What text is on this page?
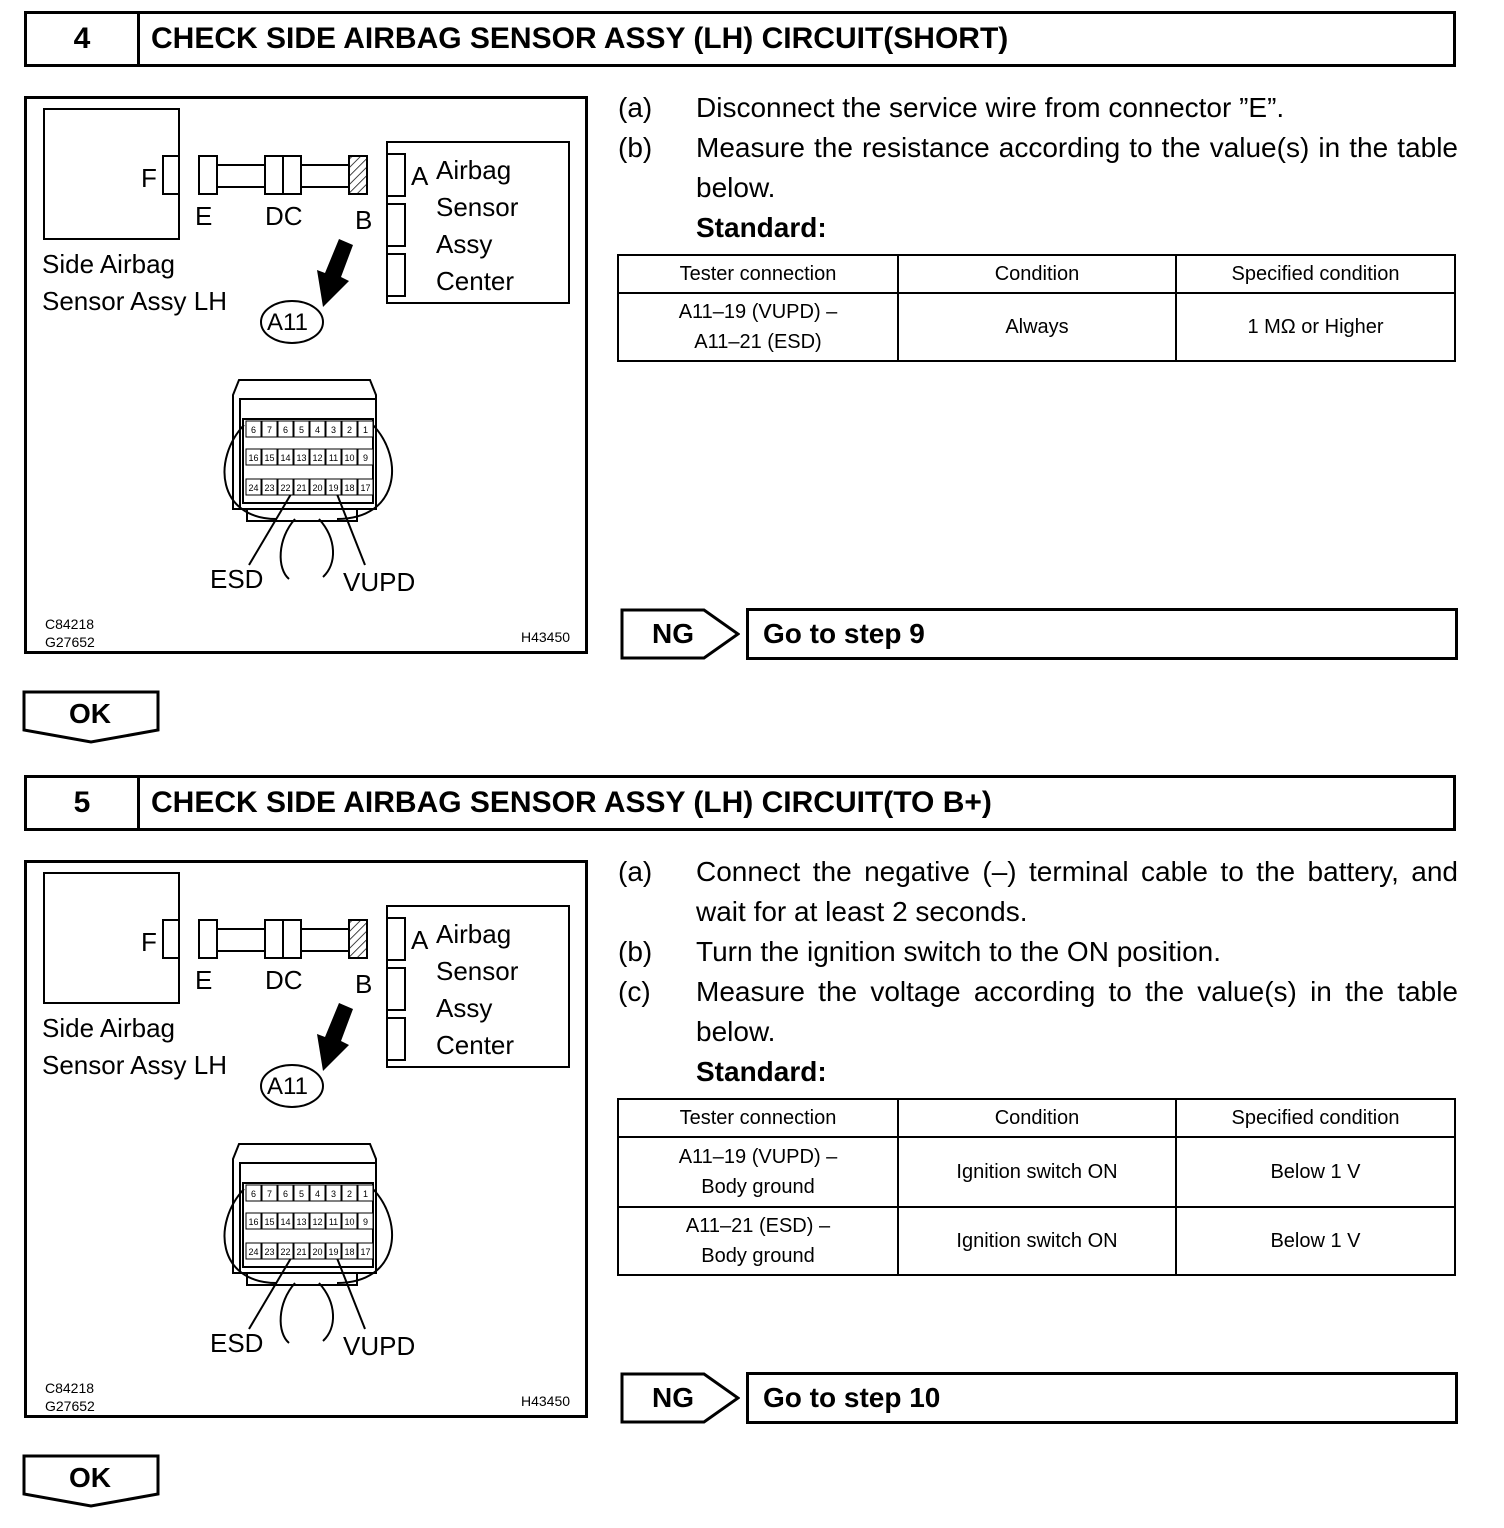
4	CHECK SIDE AIRBAG SENSOR ASSY (LH) CIRCUIT(SHORT)
6 7 6 5 4 3 2 1
16 15 14 13 12 11 10 9
24 23 22 21 20 19 18 17
F
E DC B
A Airbag
Sensor
Assy
Center
Side Airbag
Sensor Assy LH
A11
ESD	VUPD
C84218
G27652	H43450
(a) Disconnect the service wire from connector ”E”.
(b) Measure the resistance according to the value(s) in the table below.
Standard:
Tester connection	Condition	Specified condition
A11–19 (VUPD) –
A11–21 (ESD)	Always	1 MΩ or Higher
NG	Go to step 9
OK
5	CHECK SIDE AIRBAG SENSOR ASSY (LH) CIRCUIT(TO B+)
6 7 6 5 4 3 2 1
16 15 14 13 12 11 10 9
24 23 22 21 20 19 18 17
F
E DC B
A Airbag
Sensor
Assy
Center
Side Airbag
Sensor Assy LH
A11
ESD	VUPD
C84218
G27652	H43450
(a) Connect the negative (–) terminal cable to the battery, and wait for at least 2 seconds.
(b) Turn the ignition switch to the ON position.
(c) Measure the voltage according to the value(s) in the table below.
Standard:
Tester connection	Condition	Specified condition
A11–19 (VUPD) –
Body ground	Ignition switch ON	Below 1 V
A11–21 (ESD) –
Body ground	Ignition switch ON	Below 1 V
NG	Go to step 10
OK
